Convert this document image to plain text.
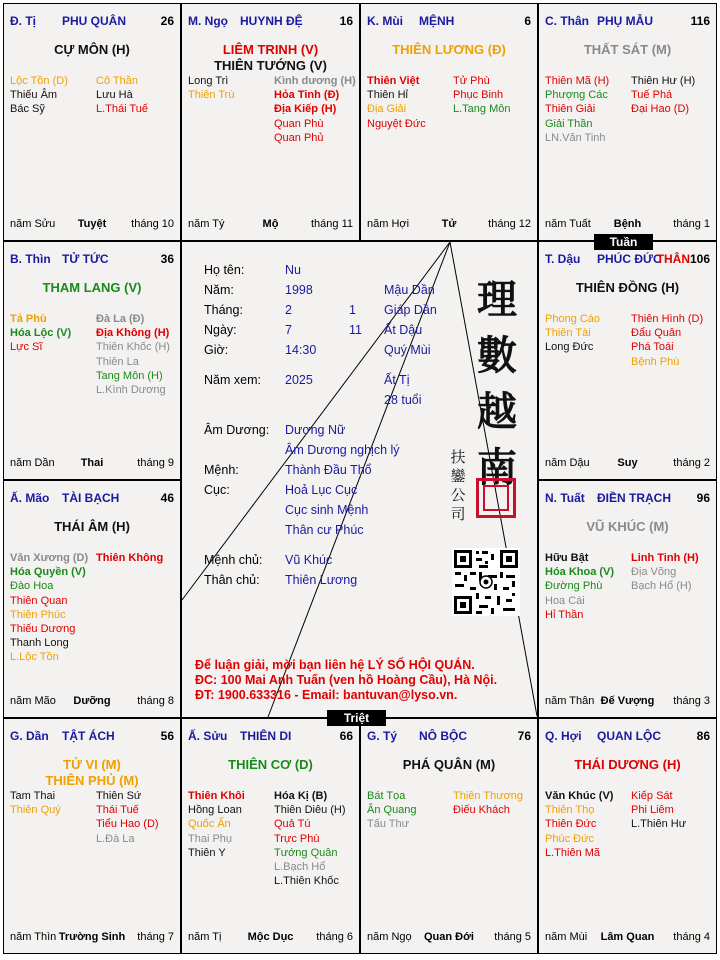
Đ. Tị PHU QUÂN	26
CỰ MÔN (H)
Lộc Tồn (D)
Thiếu Âm
Bác Sỹ
Cô Thần
Lưu Hà
L.Thái Tuế
năm Sửu	Tuyệt	tháng 10
M. Ngọ HUYNH ĐỆ	16
LIÊM TRINH (V)
THIÊN TƯỚNG (V)
Long Trì
Thiên Trù
Kình dương (H)
Hỏa Tinh (Đ)
Địa Kiếp (H)
Quan Phù
Quan Phủ
năm Tý	Mộ	tháng 11
K. Mùi MỆNH	6
THIÊN LƯƠNG (Đ)
Thiên Việt
Thiên Hỉ
Địa Giải
Nguyệt Đức
Tử Phù
Phục Binh
L.Tang Môn
năm Hợi	Tử	tháng 12
C. Thân PHỤ MẪU	116
THẤT SÁT (M)
Thiên Mã (H)
Phượng Các
Thiên Giải
Giải Thần
LN.Văn Tinh
Thiên Hư (H)
Tuế Phá
Đại Hao (D)
năm Tuất	Bệnh	tháng 1
B. Thìn TỬ TỨC	36
THAM LANG (V)
Tả Phù
Hóa Lộc (V)
Lực Sĩ
Đà La (Đ)
Địa Không (H)
Thiên Khốc (H)
Thiên La
Tang Môn (H)
L.Kình Dương
năm Dần	Thai	tháng 9
T. Dậu PHÚC ĐỨC
THÂN 106
THIÊN ĐỒNG (H)
Phong Cáo
Thiên Tài
Long Đức
Thiên Hình (D)
Đẩu Quân
Phá Toái
Bệnh Phù
năm Dậu	Suy	tháng 2
Ấ. Mão TÀI BẠCH	46
THÁI ÂM (H)
Văn Xương (D)
Hóa Quyền (V)
Đào Hoa
Thiên Quan
Thiên Phúc
Thiếu Dương
Thanh Long
L.Lộc Tồn
Thiên Không
năm Mão	Dưỡng	tháng 8
N. Tuất ĐIỀN TRẠCH 96
VŨ KHÚC (M)
Hữu Bật
Hóa Khoa (V)
Đường Phù
Hoa Cái
Hỉ Thần
Linh Tinh (H)
Địa Võng
Bạch Hổ (H)
năm Thân Đế Vượng	tháng 3
G. Dần TẬT ÁCH	56
TỬ VI (M)
THIÊN PHỦ (M)
Tam Thai
Thiên Quý
Thiên Sứ
Thái Tuế
Tiểu Hao (D)
L.Đà La
năm Thìn Trường Sinh	tháng 7
Ấ. Sửu THIÊN DI	66
THIÊN CƠ (D)
Thiên Khôi
Hồng Loan
Quốc Ấn
Thai Phụ
Thiên Y
Hóa Kị (B)
Thiên Diêu (H)
Quả Tú
Trực Phù
Tướng Quân
L.Bạch Hổ
L.Thiên Khốc
năm Tị	Mộc Dục	tháng 6
G. Tý NÔ BỘC	76
PHÁ QUÂN (M)
Bát Tọa
Ân Quang
Tấu Thư
Thiên Thương
Điếu Khách
năm Ngọ	Quan Đới	tháng 5
Q. Hợi QUAN LỘC	86
THÁI DƯƠNG (H)
Văn Khúc (V)
Thiên Thọ
Thiên Đức
Phúc Đức
L.Thiên Mã
Kiếp Sát
Phi Liêm
L.Thiên Hư
năm Mùi	Lâm Quan	tháng 4
Tuần
Triệt
Họ tên:	Nu
Năm:	1998	Mậu Dần
Tháng:	2	1 Giáp Dần
Ngày:	7	11 Ất Dậu
Giờ:	14:30	Quý Mùi
Năm xem: 2025	Ất Tị
28 tuổi
Âm Dương: Dương Nữ
Âm Dương nghịch lý
Mệnh:	Thành Đầu Thổ
Cục:	Hoả Lục Cục
Cục sinh Mệnh
Thân cư Phúc
Mệnh chủ: Vũ Khúc
Thân chủ: Thiên Lương
理
數
越
南
扶
鑾
公
司
Để luận giải, mời bạn liên hệ LÝ SỐ HỘI QUÁN.
ĐC: 100 Mai Anh Tuấn (ven hồ Hoàng Cầu), Hà Nội.
ĐT: 1900.633316 - Email: bantuvan@lyso.vn.
